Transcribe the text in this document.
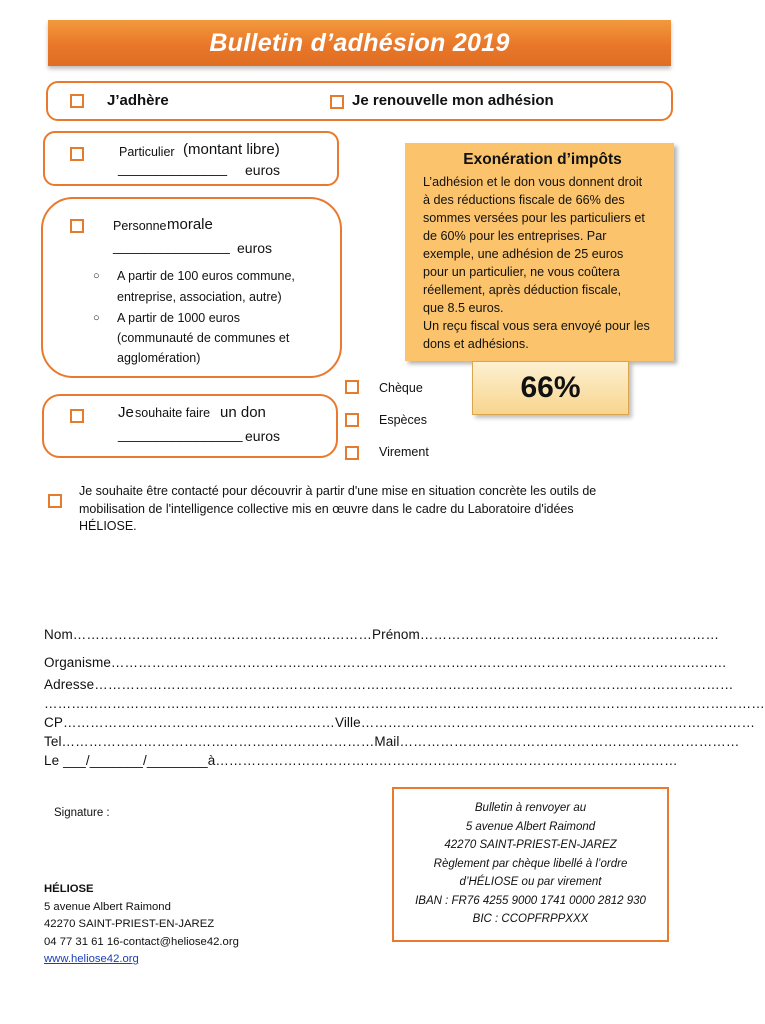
Bulletin d’adhésion 2019
J’adhère	Je renouvelle mon adhésion
Particulier (montant libre)
______________ euros
Personne morale
_______________ euros
○ A partir de 100 euros commune,
entreprise, association, autre)
○ A partir de 1000 euros
(communauté de communes et
agglomération)
Je souhaite faire un don
________________ euros
Exonération d’impôts
L’adhésion et le don vous donnent droit
à des réductions fiscale de 66% des
sommes versées pour les particuliers et
de 60% pour les entreprises. Par
exemple, une adhésion de 25 euros
pour un particulier, ne vous coûtera
réellement, après déduction fiscale,
que 8.5 euros.
Un reçu fiscal vous sera envoyé pour les
dons et adhésions.
66%
Chèque
Espèces
Virement
Je souhaite être contacté pour découvrir à partir d'une mise en situation concrète les outils de
mobilisation de l'intelligence collective mis en œuvre dans le cadre du Laboratoire d'idées
HÉLIOSE.
Nom…………………………………………………………Prénom…………………………………………………………
Organisme……………………………………………………………………………………………………………….………
Adresse……………………………………………………………………………………………………………………………
……………………………………………………………………………………………………………………………………………
CP……………………………………………………Ville……………………………………………………………………………
Tel……………………………………………………………Mail…………………………………………………………………
Le ___/_______/________à…………………………………………………………………………………………
Signature :	Bulletin à renvoyer au
5 avenue Albert Raimond
42270 SAINT-PRIEST-EN-JAREZ
Règlement par chèque libellé à l’ordre
d’HÉLIOSE ou par virement
IBAN : FR76 4255 9000 1741 0000 2812 930
BIC : CCOPFRPPXXX
HÉLIOSE
5 avenue Albert Raimond
42270 SAINT-PRIEST-EN-JAREZ
04 77 31 61 16-contact@heliose42.org
www.heliose42.org
